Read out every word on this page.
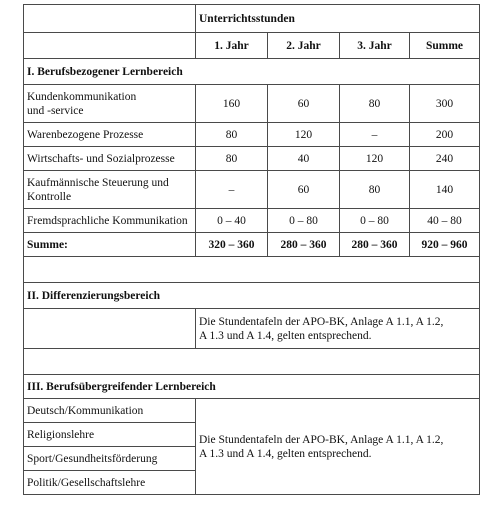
	Unterrichtsstunden			
	1. Jahr	2. Jahr	3. Jahr	Summe
I. Berufsbezogener Lernbereich				
Kundenkommunikation
und -service	160	60	80	300
Warenbezogene Prozesse	80	120	–	200
Wirtschafts- und Sozialprozesse	80	40	120	240
Kaufmännische Steuerung und
Kontrolle	–	60	80	140
Fremdsprachliche Kommunikation	0 – 40	0 – 80	0 – 80	40 – 80
Summe:	320 – 360	280 – 360	280 – 360	920 – 960

II. Differenzierungsbereich				
	Die Stundentafeln der APO-BK, Anlage A 1.1, A 1.2,
A 1.3 und A 1.4, gelten entsprechend.			

III. Berufsübergreifender Lernbereich				
Deutsch/Kommunikation	Die Stundentafeln der APO-BK, Anlage A 1.1, A 1.2,
A 1.3 und A 1.4, gelten entsprechend.			
Religionslehre				
Sport/Gesundheitsförderung				
Politik/Gesellschaftslehre				
